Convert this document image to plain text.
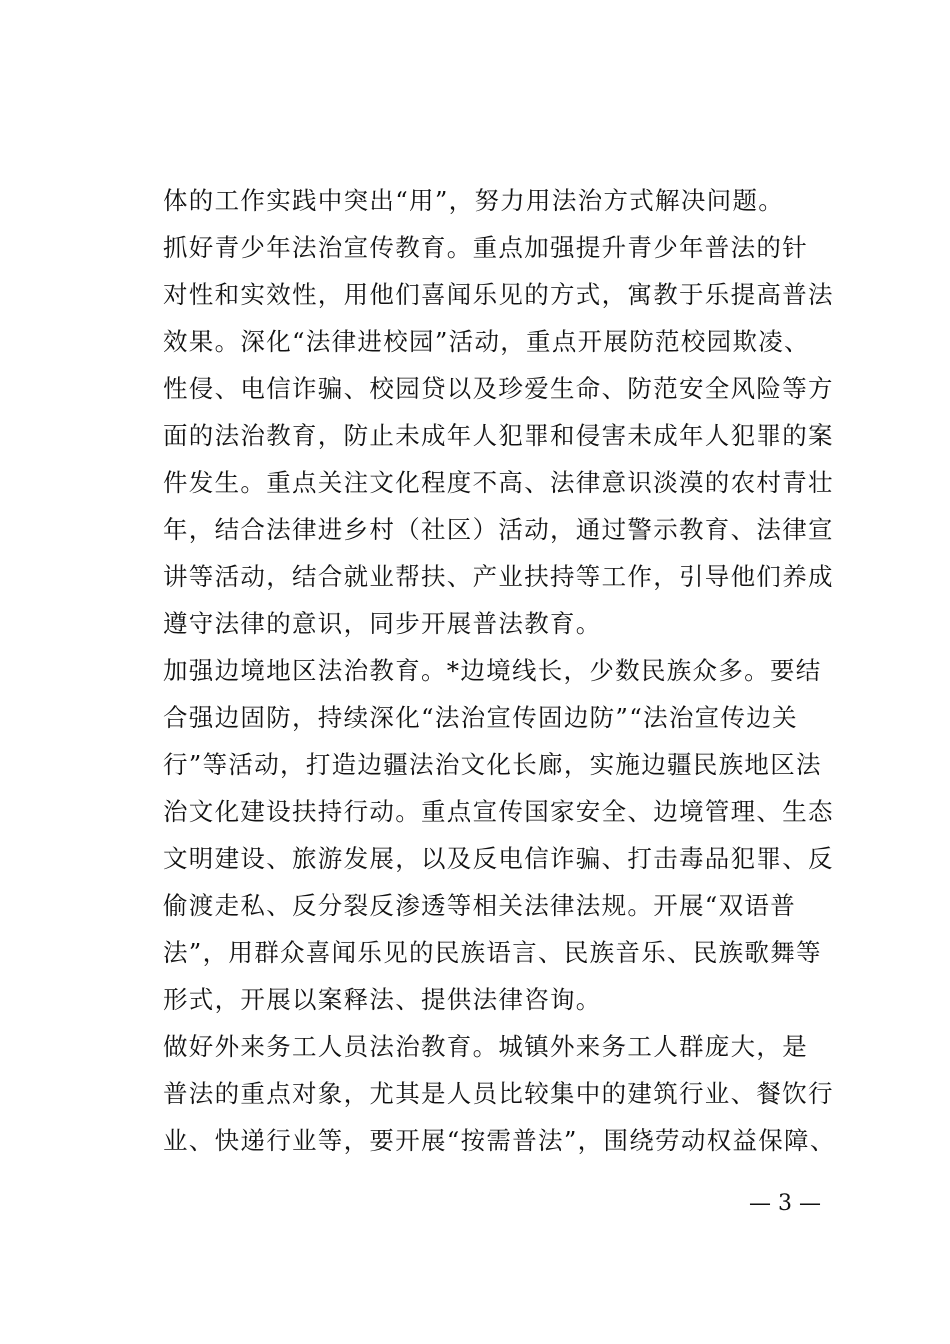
体的工作实践中突出“用”，努力用法治方式解决问题。
抓好青少年法治宣传教育。重点加强提升青少年普法的针
对性和实效性，用他们喜闻乐见的方式，寓教于乐提高普法
效果。深化“法律进校园”活动，重点开展防范校园欺凌、
性侵、电信诈骗、校园贷以及珍爱生命、防范安全风险等方
面的法治教育，防止未成年人犯罪和侵害未成年人犯罪的案
件发生。重点关注文化程度不高、法律意识淡漠的农村青壮
年，结合法律进乡村（社区）活动，通过警示教育、法律宣
讲等活动，结合就业帮扶、产业扶持等工作，引导他们养成
遵守法律的意识，同步开展普法教育。
加强边境地区法治教育。*边境线长，少数民族众多。要结
合强边固防，持续深化“法治宣传固边防”“法治宣传边关
行”等活动，打造边疆法治文化长廊，实施边疆民族地区法
治文化建设扶持行动。重点宣传国家安全、边境管理、生态
文明建设、旅游发展，以及反电信诈骗、打击毒品犯罪、反
偷渡走私、反分裂反渗透等相关法律法规。开展“双语普
法”，用群众喜闻乐见的民族语言、民族音乐、民族歌舞等
形式，开展以案释法、提供法律咨询。
做好外来务工人员法治教育。城镇外来务工人群庞大，是
普法的重点对象，尤其是人员比较集中的建筑行业、餐饮行
业、快递行业等，要开展“按需普法”，围绕劳动权益保障、
— 3 —
